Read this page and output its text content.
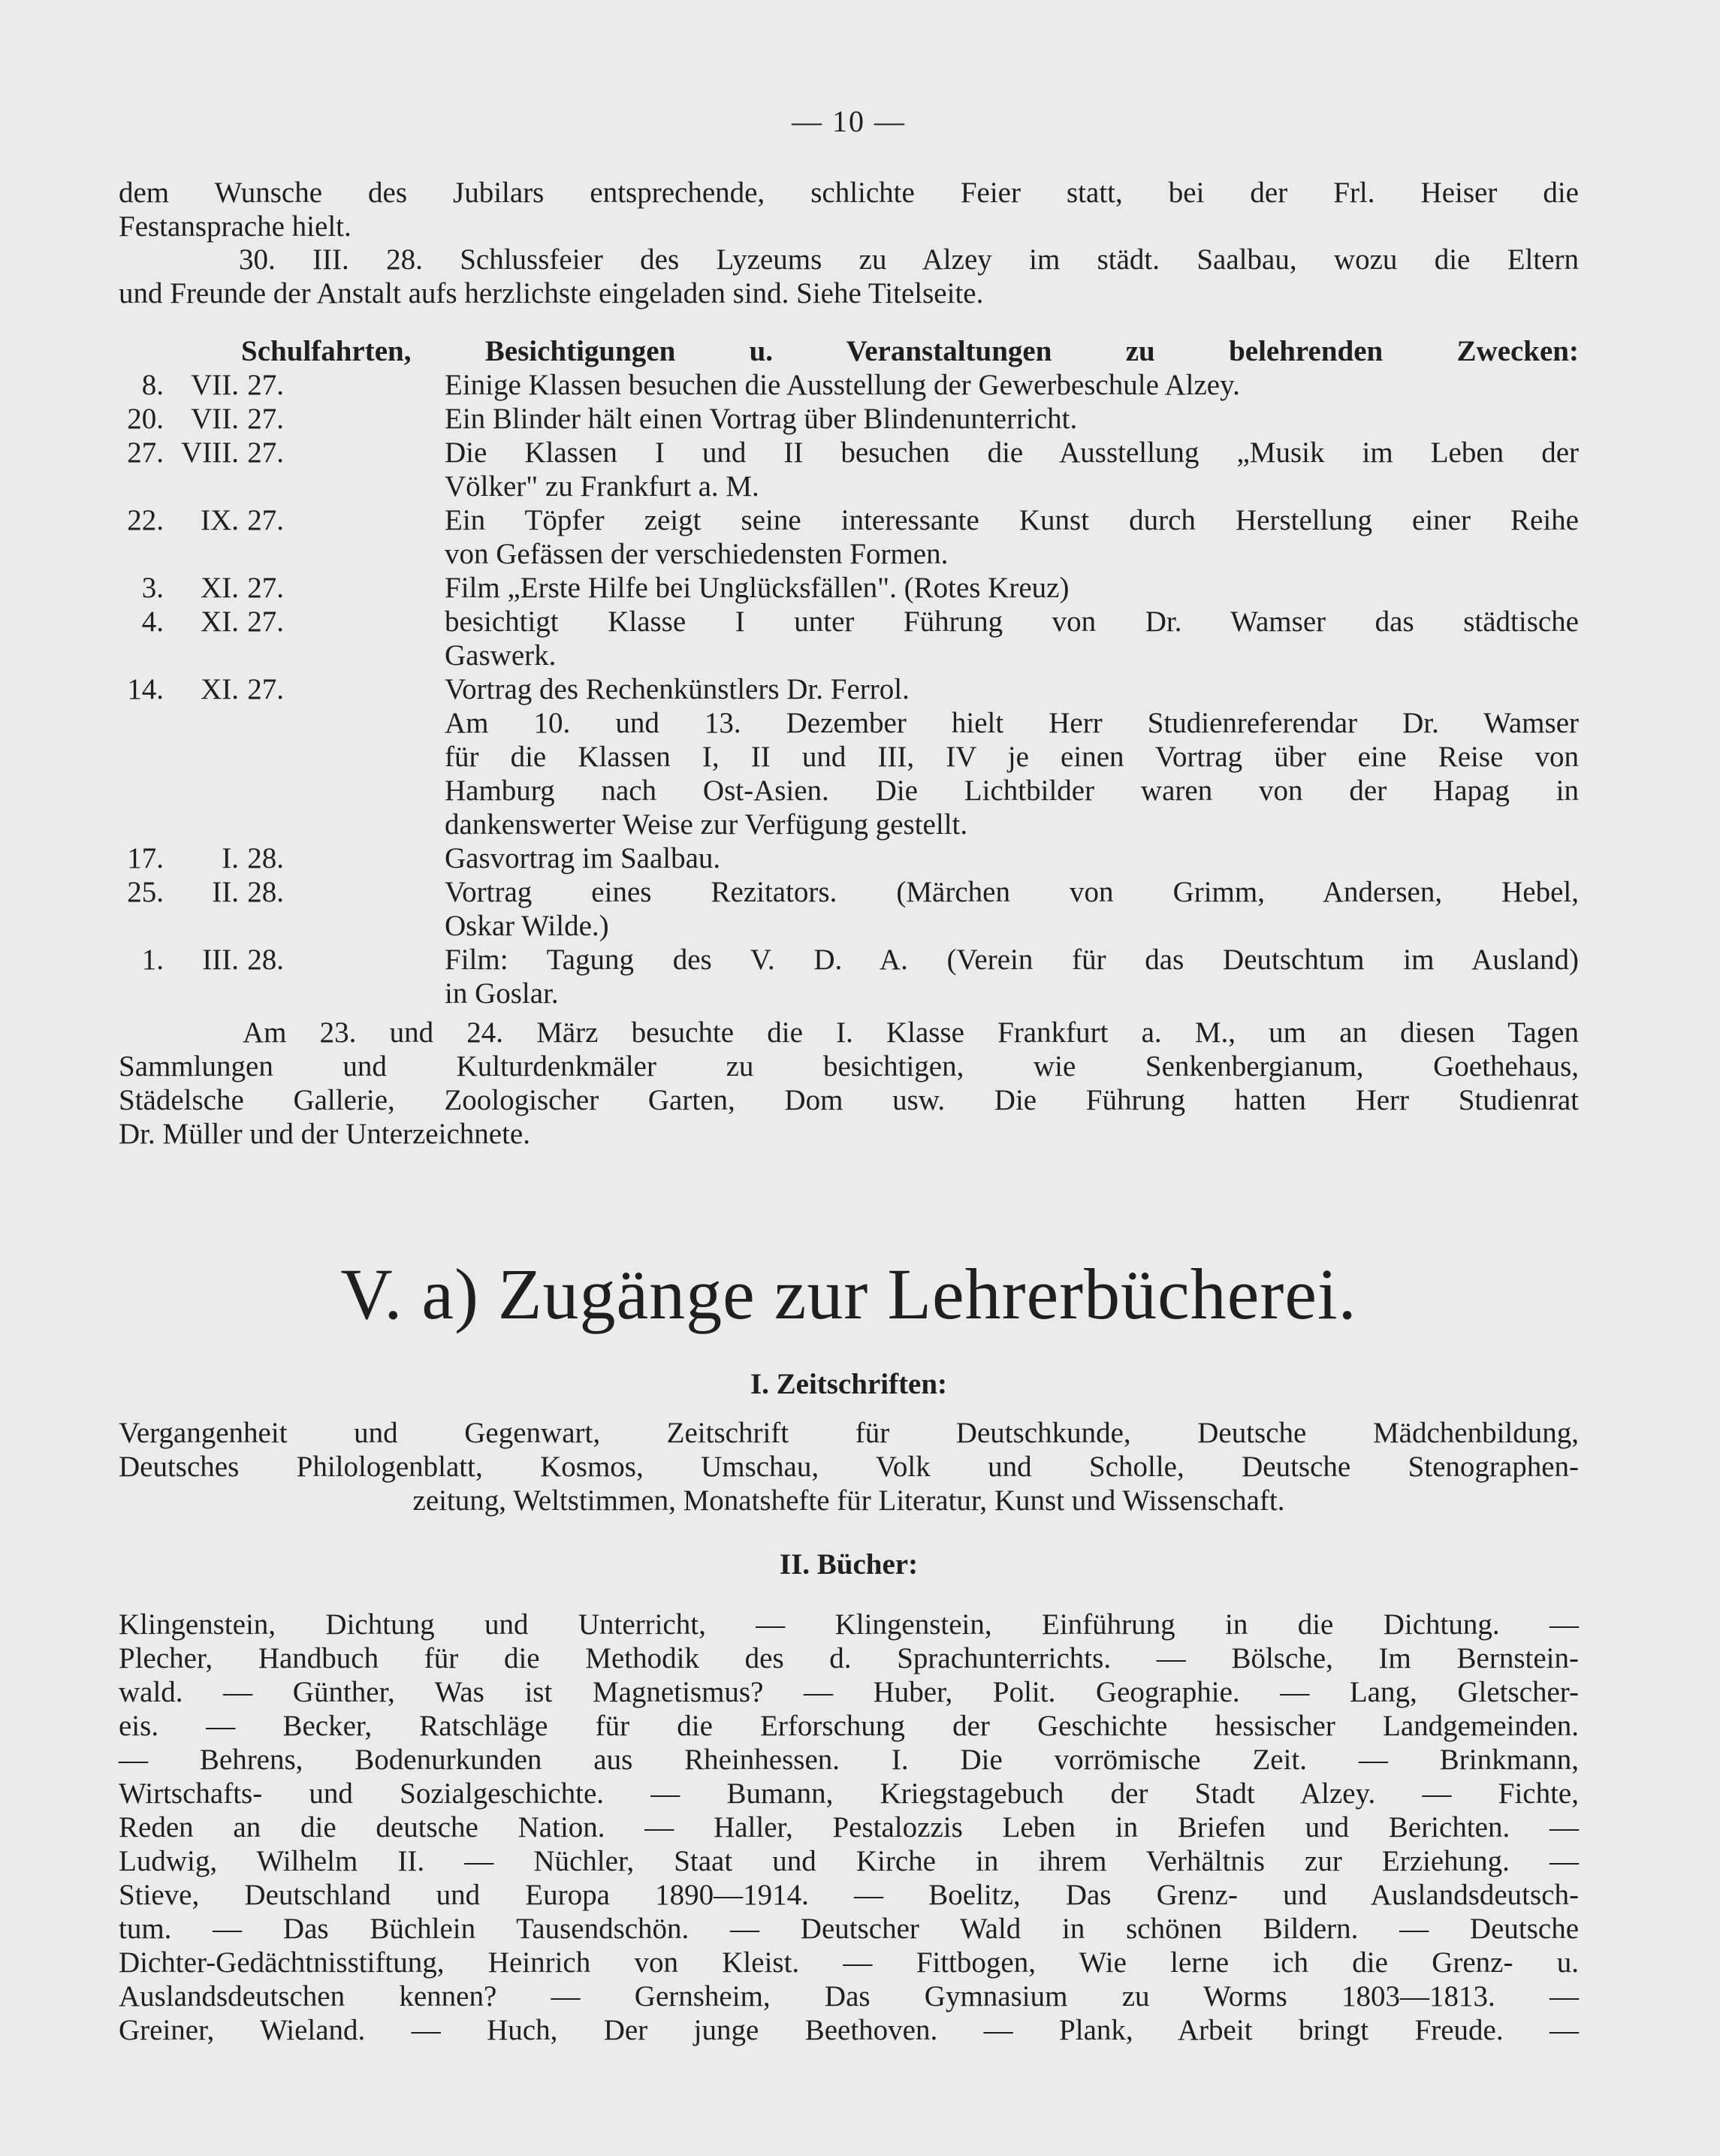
— 10 —
dem Wunsche des Jubilars entsprechende, schlichte Feier statt, bei der Frl. Heiser die
Festansprache hielt.
30. III. 28. Schlussfeier des Lyzeums zu Alzey im städt. Saalbau, wozu die Eltern
und Freunde der Anstalt aufs herzlichste eingeladen sind. Siehe Titelseite.
Schulfahrten, Besichtigungen u. Veranstaltungen zu belehrenden Zwecken:
8. VII. 27.	Einige Klassen besuchen die Ausstellung der Gewerbeschule Alzey.
20. VII. 27.	Ein Blinder hält einen Vortrag über Blindenunterricht.
27. VIII. 27.	Die Klassen I und II besuchen die Ausstellung „Musik im Leben der
Völker" zu Frankfurt a. M.
22.	IX. 27.	Ein Töpfer zeigt seine interessante Kunst durch Herstellung einer Reihe
von Gefässen der verschiedensten Formen.
3.	XI. 27.	Film „Erste Hilfe bei Unglücksfällen". (Rotes Kreuz)
4.	XI. 27.	besichtigt Klasse I unter Führung von Dr. Wamser das städtische
Gaswerk.
14.	XI. 27.	Vortrag des Rechenkünstlers Dr. Ferrol.
Am 10. und 13. Dezember hielt Herr Studienreferendar Dr. Wamser
für die Klassen I, II und III, IV je einen Vortrag über eine Reise von
Hamburg nach Ost-Asien. Die Lichtbilder waren von der Hapag in
dankenswerter Weise zur Verfügung gestellt.
17.	I. 28.	Gasvortrag im Saalbau.
25.	II. 28.	Vortrag eines Rezitators. (Märchen von Grimm, Andersen, Hebel,
Oskar Wilde.)
1.	III. 28.	Film: Tagung des V. D. A. (Verein für das Deutschtum im Ausland)
in Goslar.
Am 23. und 24. März besuchte die I. Klasse Frankfurt a. M., um an diesen Tagen
Sammlungen und Kulturdenkmäler zu besichtigen, wie Senkenbergianum, Goethehaus,
Städelsche Gallerie, Zoologischer Garten, Dom usw. Die Führung hatten Herr Studienrat
Dr. Müller und der Unterzeichnete.
V. a) Zugänge zur Lehrerbücherei.
I. Zeitschriften:
Vergangenheit und Gegenwart, Zeitschrift für Deutschkunde, Deutsche Mädchenbildung,
Deutsches Philologenblatt, Kosmos, Umschau, Volk und Scholle, Deutsche Stenographen-
zeitung, Weltstimmen, Monatshefte für Literatur, Kunst und Wissenschaft.
II. Bücher:
Klingenstein, Dichtung und Unterricht, — Klingenstein, Einführung in die Dichtung. —
Plecher, Handbuch für die Methodik des d. Sprachunterrichts. — Bölsche, Im Bernstein-
wald. — Günther, Was ist Magnetismus? — Huber, Polit. Geographie. — Lang, Gletscher-
eis. — Becker, Ratschläge für die Erforschung der Geschichte hessischer Landgemeinden.
— Behrens, Bodenurkunden aus Rheinhessen. I. Die vorrömische Zeit. — Brinkmann,
Wirtschafts- und Sozialgeschichte. — Bumann, Kriegstagebuch der Stadt Alzey. — Fichte,
Reden an die deutsche Nation. — Haller, Pestalozzis Leben in Briefen und Berichten. —
Ludwig, Wilhelm II. — Nüchler, Staat und Kirche in ihrem Verhältnis zur Erziehung. —
Stieve, Deutschland und Europa 1890—1914. — Boelitz, Das Grenz- und Auslandsdeutsch-
tum. — Das Büchlein Tausendschön. — Deutscher Wald in schönen Bildern. — Deutsche
Dichter-Gedächtnisstiftung, Heinrich von Kleist. — Fittbogen, Wie lerne ich die Grenz- u.
Auslandsdeutschen kennen? — Gernsheim, Das Gymnasium zu Worms 1803—1813. —
Greiner, Wieland. — Huch, Der junge Beethoven. — Plank, Arbeit bringt Freude. —
